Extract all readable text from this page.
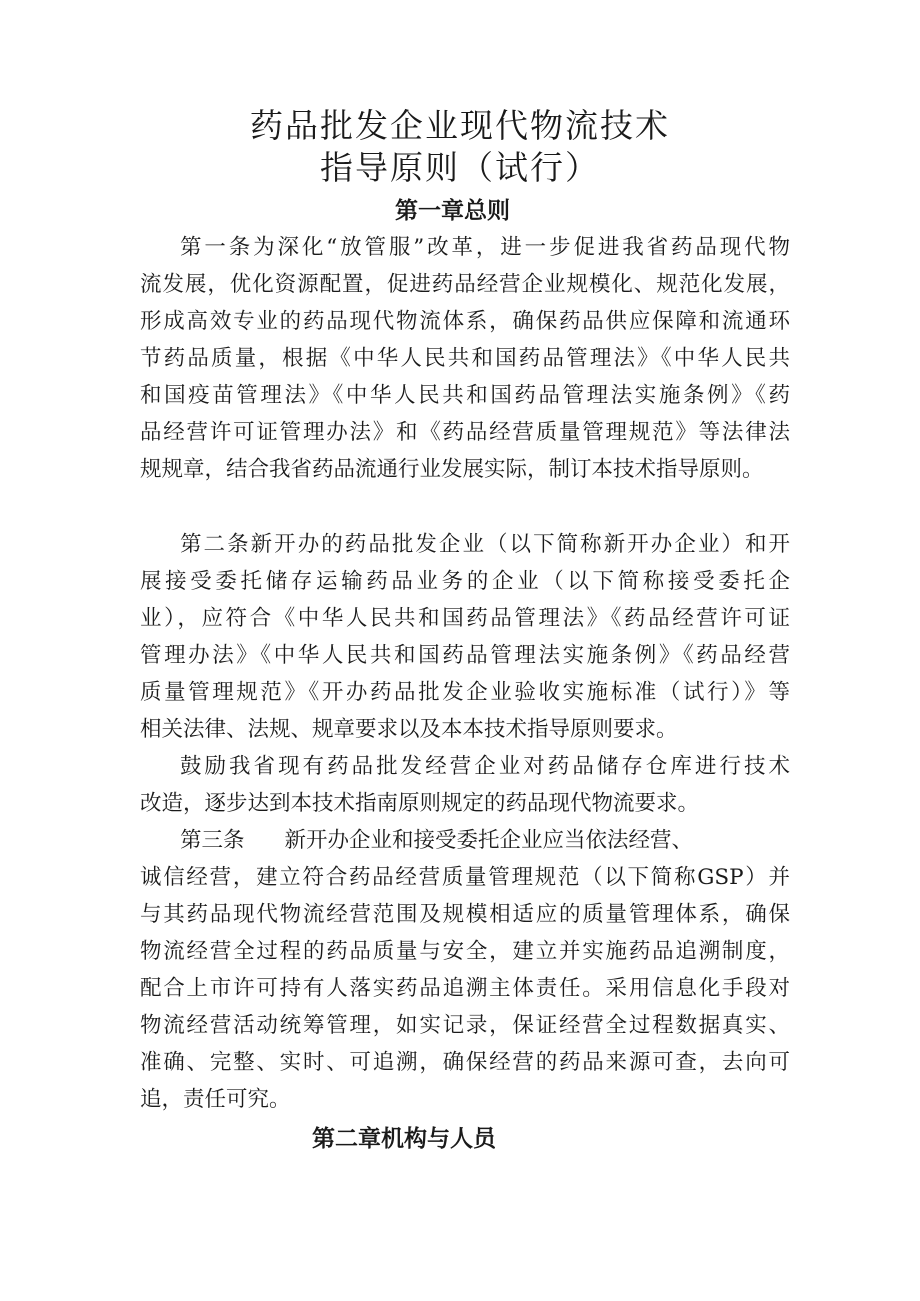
药品批发企业现代物流技术
指导原则（试行）
第一章总则
第一条为深化“放管服”改革，进一步促进我省药品现代物
流发展，优化资源配置，促进药品经营企业规模化、规范化发展，
形成高效专业的药品现代物流体系，确保药品供应保障和流通环
节药品质量，根据《中华人民共和国药品管理法》《中华人民共
和国疫苗管理法》《中华人民共和国药品管理法实施条例》《药
品经营许可证管理办法》和《药品经营质量管理规范》等法律法
规规章，结合我省药品流通行业发展实际，制订本技术指导原则。
第二条新开办的药品批发企业（以下简称新开办企业）和开
展接受委托储存运输药品业务的企业（以下简称接受委托企
业），应符合《中华人民共和国药品管理法》《药品经营许可证
管理办法》《中华人民共和国药品管理法实施条例》《药品经营
质量管理规范》《开办药品批发企业验收实施标准（试行）》等
相关法律、法规、规章要求以及本本技术指导原则要求。
鼓励我省现有药品批发经营企业对药品储存仓库进行技术
改造，逐步达到本技术指南原则规定的药品现代物流要求。
第三条 新开办企业和接受委托企业应当依法经营、
诚信经营，建立符合药品经营质量管理规范（以下简称GSP）并
与其药品现代物流经营范围及规模相适应的质量管理体系，确保
物流经营全过程的药品质量与安全，建立并实施药品追溯制度，
配合上市许可持有人落实药品追溯主体责任。采用信息化手段对
物流经营活动统筹管理，如实记录，保证经营全过程数据真实、
准确、完整、实时、可追溯，确保经营的药品来源可查，去向可
追，责任可究。
第二章机构与人员
